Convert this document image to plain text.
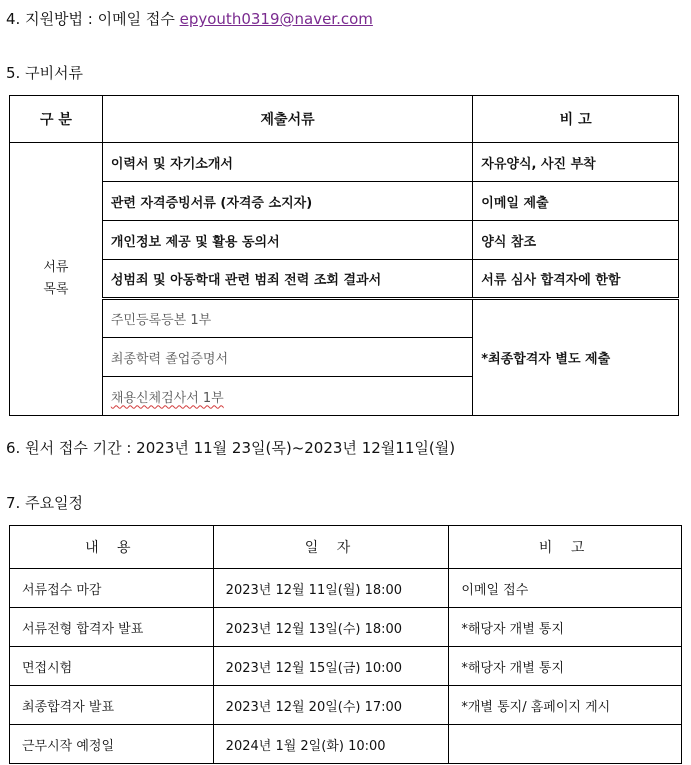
4. 지원방법 : 이메일 접수 epyouth0319@naver.com
5. 구비서류
구 분	제출서류	비 고
서류
목록	이력서 및 자기소개서	자유양식, 사진 부착
	관련 자격증빙서류 (자격증 소지자)	이메일 제출
	개인정보 제공 및 활용 동의서	양식 참조
	성범죄 및 아동학대 관련 범죄 전력 조회 결과서	서류 심사 합격자에 한함
	주민등록등본 1부	*최종합격자 별도 제출
	최종학력 졸업증명서	
	채용신체검사서 1부	
6. 원서 접수 기간 : 2023년 11월 23일(목)~2023년 12월11일(월)
7. 주요일정
내 용	일 자	비 고
서류접수 마감	2023년 12월 11일(월) 18:00	이메일 접수
서류전형 합격자 발표	2023년 12월 13일(수) 18:00	*해당자 개별 통지
면접시험	2023년 12월 15일(금) 10:00	*해당자 개별 통지
최종합격자 발표	2023년 12월 20일(수) 17:00	*개별 통지/ 홈페이지 게시
근무시작 예정일	2024년 1월 2일(화) 10:00	
